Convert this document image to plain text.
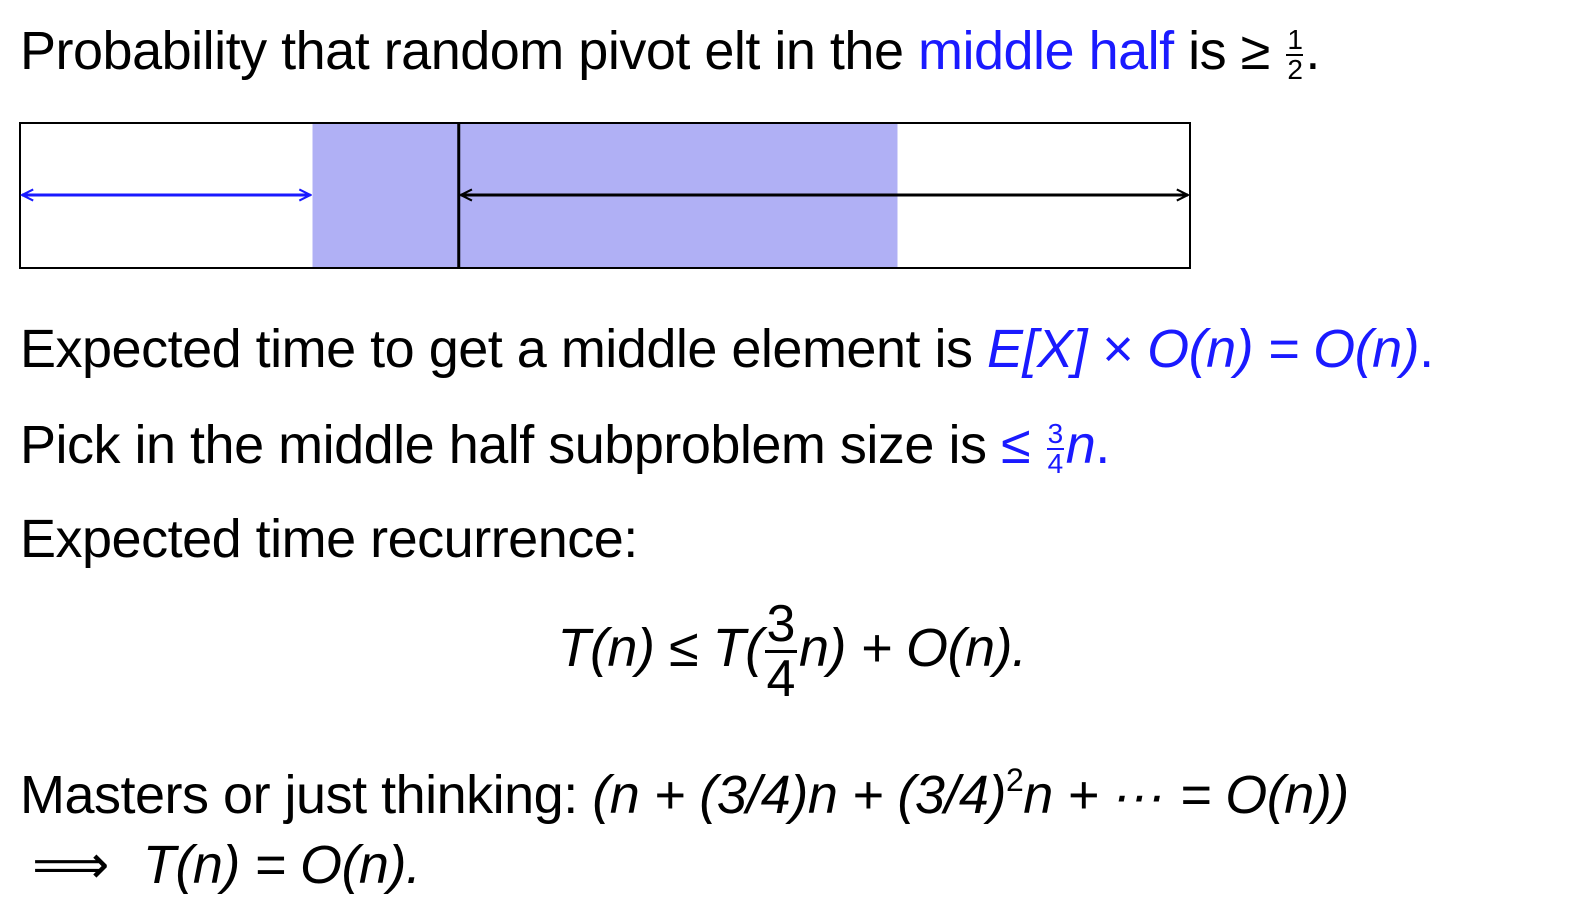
Probability that random pivot elt in the middle half is ≥ $\frac{1}{2}$ .
Expected time to get a middle element is E[X] × O(n) = O(n).
Pick in the middle half subproblem size is ≤ $\frac{3}{4} n$.
Expected time recurrence:
$T(n) \le T( \frac{3}{4} n) + O(n)$.
Masters or just thinking: ($n + (3/4)n + (3/4)^2n$ + ··· = O(n))
⟹ T(n) = O(n).
